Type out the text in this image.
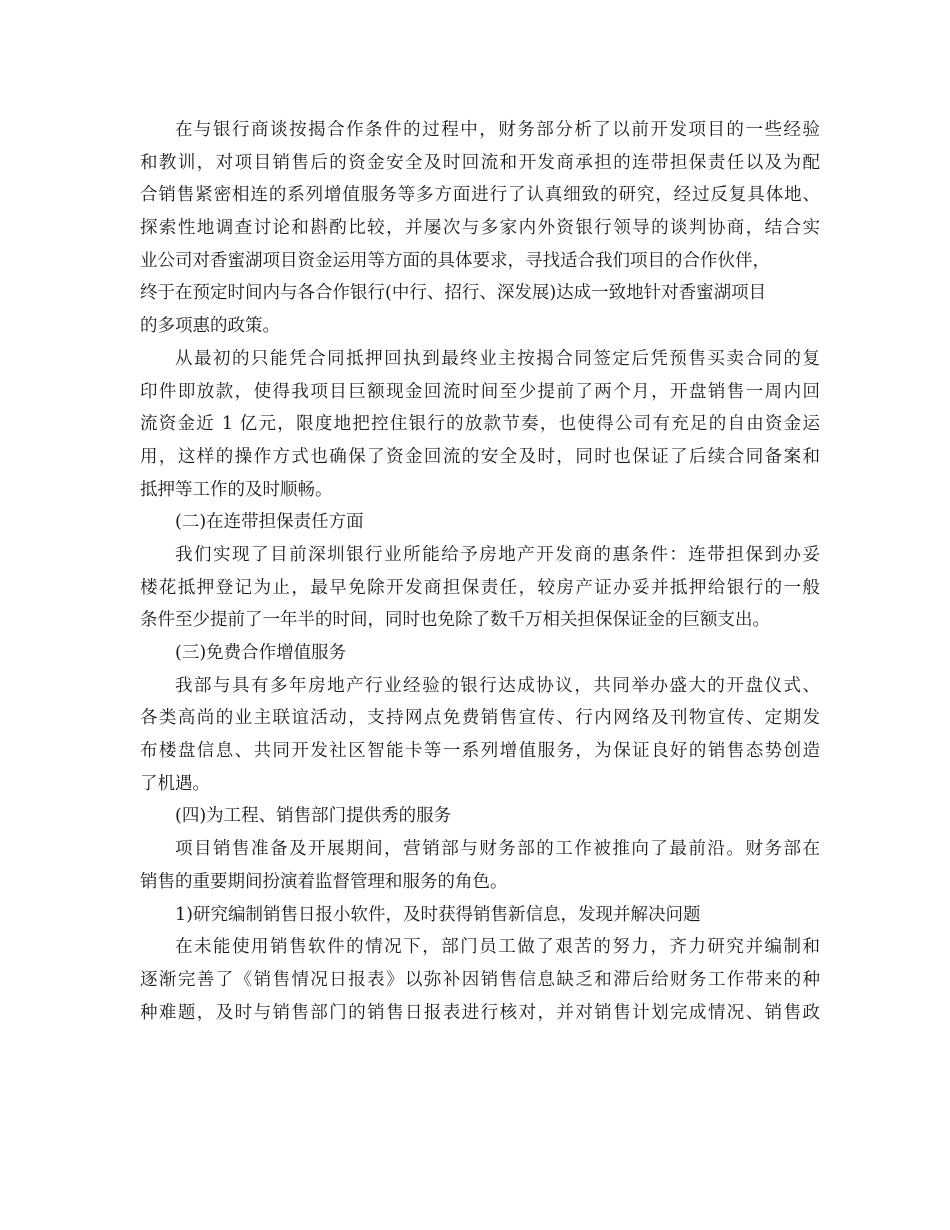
在与银行商谈按揭合作条件的过程中，财务部分析了以前开发项目的一些经验
和教训，对项目销售后的资金安全及时回流和开发商承担的连带担保责任以及为配
合销售紧密相连的系列增值服务等多方面进行了认真细致的研究，经过反复具体地、
探索性地调查讨论和斟酌比较，并屡次与多家内外资银行领导的谈判协商，结合实
业公司对香蜜湖项目资金运用等方面的具体要求，寻找适合我们项目的合作伙伴，
终于在预定时间内与各合作银行(中行、招行、深发展)达成一致地针对香蜜湖项目
的多项惠的政策。

从最初的只能凭合同抵押回执到最终业主按揭合同签定后凭预售买卖合同的复
印件即放款，使得我项目巨额现金回流时间至少提前了两个月，开盘销售一周内回
流资金近 1 亿元，限度地把控住银行的放款节奏，也使得公司有充足的自由资金运
用，这样的操作方式也确保了资金回流的安全及时，同时也保证了后续合同备案和
抵押等工作的及时顺畅。

(二)在连带担保责任方面

我们实现了目前深圳银行业所能给予房地产开发商的惠条件：连带担保到办妥
楼花抵押登记为止，最早免除开发商担保责任，较房产证办妥并抵押给银行的一般
条件至少提前了一年半的时间，同时也免除了数千万相关担保保证金的巨额支出。

(三)免费合作增值服务

我部与具有多年房地产行业经验的银行达成协议，共同举办盛大的开盘仪式、
各类高尚的业主联谊活动，支持网点免费销售宣传、行内网络及刊物宣传、定期发
布楼盘信息、共同开发社区智能卡等一系列增值服务，为保证良好的销售态势创造
了机遇。

(四)为工程、销售部门提供秀的服务

项目销售准备及开展期间，营销部与财务部的工作被推向了最前沿。财务部在
销售的重要期间扮演着监督管理和服务的角色。

1)研究编制销售日报小软件，及时获得销售新信息，发现并解决问题

在未能使用销售软件的情况下，部门员工做了艰苦的努力，齐力研究并编制和
逐渐完善了《销售情况日报表》以弥补因销售信息缺乏和滞后给财务工作带来的种
种难题，及时与销售部门的销售日报表进行核对，并对销售计划完成情况、销售政
